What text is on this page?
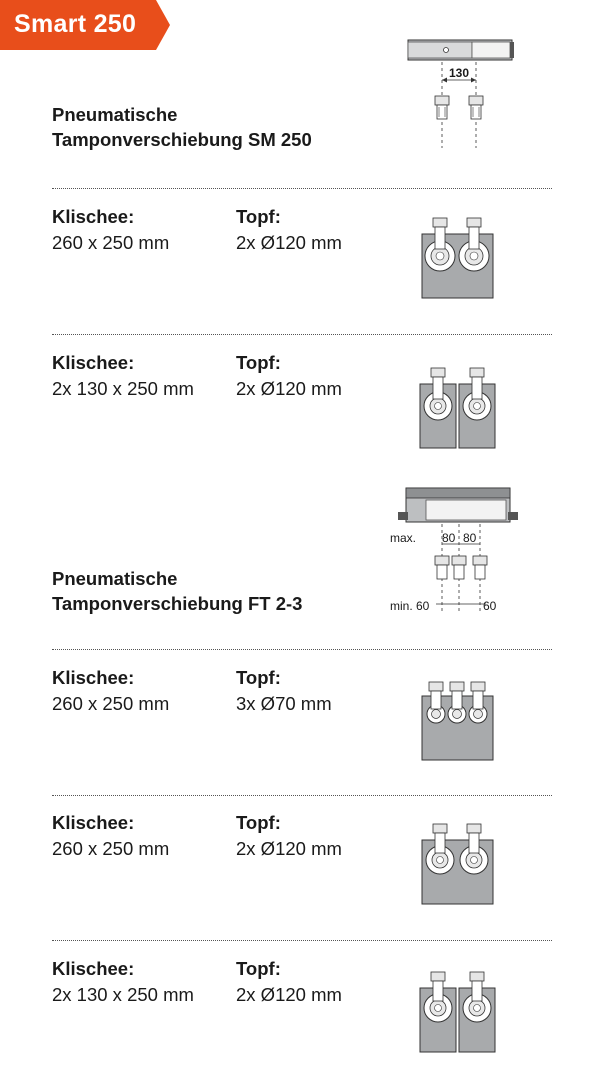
Smart 250
Pneumatische
Tamponverschiebung SM 250
130
Klischee:
260 x 250 mm
Topf:
2x Ø120 mm
Klischee:
2x 130 x 250 mm
Topf:
2x Ø120 mm
Pneumatische
Tamponverschiebung FT 2-3
max. 80 80
min. 60	60
Klischee:
260 x 250 mm
Topf:
3x Ø70 mm
Klischee:
260 x 250 mm
Topf:
2x Ø120 mm
Klischee:
2x 130 x 250 mm
Topf:
2x Ø120 mm
